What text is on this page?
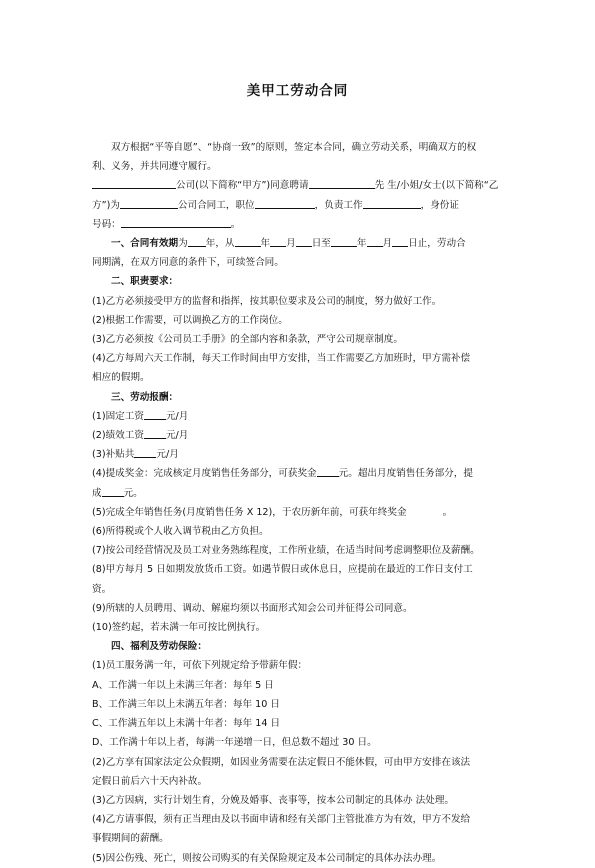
美甲工劳动合同

双方根据“平等自愿”、“协商一致”的原则，签定本合同，确立劳动关系，明确双方的权

利、义务，并共同遵守履行。

公司(以下简称“甲方”)同意聘请	先 生/小姐/女士(以下简称“乙

方”)为	公司合同工，职位	，负责工作	，身份证

号码：	。

一、合同有效期为 年，从	年 月 日至	年 月 日止，劳动合

同期满，在双方同意的条件下，可续签合同。

二、职责要求：

(1)乙方必须接受甲方的监督和指挥，按其职位要求及公司的制度，努力做好工作。

(2)根据工作需要，可以调换乙方的工作岗位。

(3)乙方必须按《公司员工手册》的全部内容和条款，严守公司规章制度。

(4)乙方每周六天工作制，每天工作时间由甲方安排，当工作需要乙方加班时，甲方需补偿

相应的假期。

三、劳动报酬：

(1)固定工资 元/月

(2)绩效工资 元/月

(3)补贴共 元/月

(4)提成奖金：完成核定月度销售任务部分，可获奖金 元。超出月度销售任务部分，提

成 元。

(5)完成全年销售任务(月度销售任务 X 12)，于农历新年前，可获年终奖金	。

(6)所得税或个人收入调节税由乙方负担。

(7)按公司经营情况及员工对业务熟练程度，工作所业绩，在适当时间考虑调整职位及薪酬。

(8)甲方每月 5 日如期发放货币工资。如遇节假日或休息日，应提前在最近的工作日支付工

资。

(9)所辖的人员聘用、调动、解雇均须以书面形式知会公司并征得公司同意。

(10)签约起，若未满一年可按比例执行。

四、福利及劳动保险：

(1)员工服务满一年，可依下列规定给予带薪年假：

A、工作满一年以上未满三年者：每年 5 日

B、工作满三年以上未满五年者：每年 10 日

C、工作满五年以上未满十年者：每年 14 日

D、工作满十年以上者，每满一年递增一日，但总数不超过 30 日。

(2)乙方享有国家法定公众假期，如因业务需要在法定假日不能休假，可由甲方安排在该法

定假日前后六十天内补故。

(3)乙方因病，实行计划生育，分娩及婚事、丧事等，按本公司制定的具体办 法处理。

(4)乙方请事假，须有正当理由及以书面申请和经有关部门主管批准方为有效，甲方不发给

事假期间的薪酬。

(5)因公伤残、死亡，则按公司购买的有关保险规定及本公司制定的具体办法办理。
